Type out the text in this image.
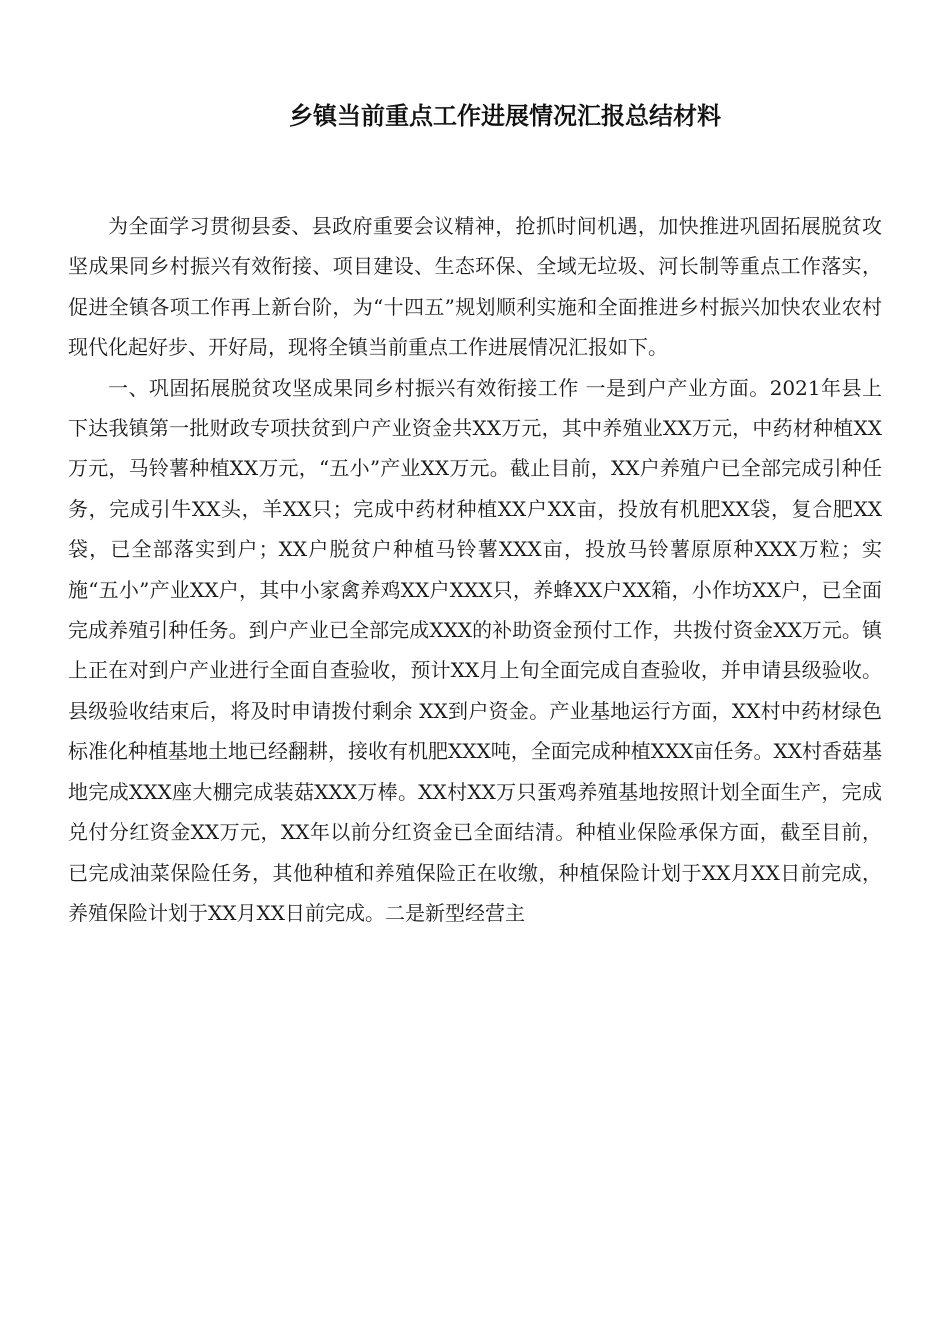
乡镇当前重点工作进展情况汇报总结材料

为全面学习贯彻县委、县政府重要会议精神，抢抓时间机遇，加快推进巩固拓展脱贫攻坚成果同乡村振兴有效衔接、项目建设、生态环保、全域无垃圾、河长制等重点工作落实，促进全镇各项工作再上新台阶，为“十四五”规划顺利实施和全面推进乡村振兴加快农业农村现代化起好步、开好局，现将全镇当前重点工作进展情况汇报如下。

一、巩固拓展脱贫攻坚成果同乡村振兴有效衔接工作 一是到户产业方面。2021年县上下达我镇第一批财政专项扶贫到户产业资金共XX万元，其中养殖业XX万元，中药材种植XX万元，马铃薯种植XX万元，“五小”产业XX万元。截止目前，XX户养殖户已全部完成引种任务，完成引牛XX头，羊XX只；完成中药材种植XX户XX亩，投放有机肥XX袋，复合肥XX袋，已全部落实到户；XX户脱贫户种植马铃薯XXX亩，投放马铃薯原原种XXX万粒；实施“五小”产业XX户，其中小家禽养鸡XX户XXX只，养蜂XX户XX箱，小作坊XX户，已全面完成养殖引种任务。到户产业已全部完成XXX的补助资金预付工作，共拨付资金XX万元。镇上正在对到户产业进行全面自查验收，预计XX月上旬全面完成自查验收，并申请县级验收。县级验收结束后，将及时申请拨付剩余 XX到户资金。产业基地运行方面，XX村中药材绿色标准化种植基地土地已经翻耕，接收有机肥XXX吨，全面完成种植XXX亩任务。XX村香菇基地完成XXX座大棚完成装菇XXX万棒。XX村XX万只蛋鸡养殖基地按照计划全面生产，完成兑付分红资金XX万元，XX年以前分红资金已全面结清。种植业保险承保方面，截至目前，已完成油菜保险任务，其他种植和养殖保险正在收缴，种植保险计划于XX月XX日前完成，养殖保险计划于XX月XX日前完成。二是新型经营主
